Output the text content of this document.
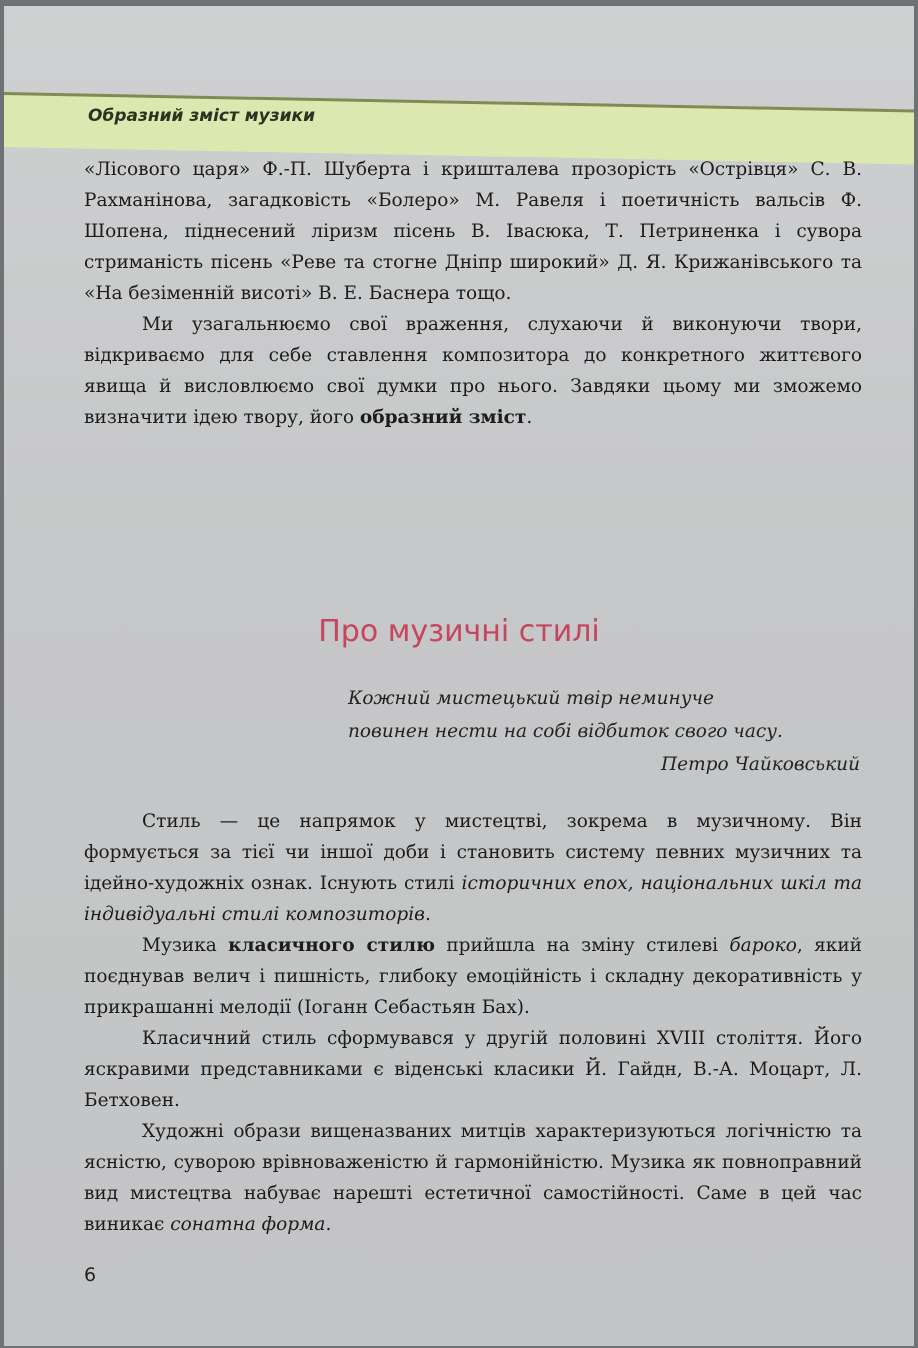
Образний зміст музики

«Лісового царя» Ф.-П. Шуберта і кришталева прозорість «Острівця» С. В. Рахманінова, загадковість «Болеро» М. Равеля і поетичність вальсів Ф. Шопена, піднесений ліризм пісень В. Івасюка, Т. Петриненка і сувора стриманість пісень «Реве та стогне Дніпр широкий» Д. Я. Крижанівського та «На безіменній висоті» В. Е. Баснера тощо.

Ми узагальнюємо свої враження, слухаючи й виконуючи твори, відкриваємо для себе ставлення композитора до конкретного життєвого явища й висловлюємо свої думки про нього. Завдяки цьому ми зможемо визначити ідею твору, його образний зміст.

Про музичні стилі
Кожний мистецький твір неминуче
повинен нести на собі відбиток свого часу.
Петро Чайковський

Стиль — це напрямок у мистецтві, зокрема в музичному. Він формується за тієї чи іншої доби і становить систему певних музичних та ідейно-художніх ознак. Існують стилі історичних епох, національних шкіл та індивідуальні стилі композиторів.

Музика класичного стилю прийшла на зміну стилеві бароко, який поєднував велич і пишність, глибоку емоційність і складну декоративність у прикрашанні мелодії (Іоганн Себастьян Бах).

Класичний стиль сформувався у другій половині XVIII століття. Його яскравими представниками є віденські класики Й. Гайдн, В.-А. Моцарт, Л. Бетховен.

Художні образи вищеназваних митців характеризуються логічністю та ясністю, суворою врівноваженістю й гармонійністю. Музика як повноправний вид мистецтва набуває нарешті естетичної самостійності. Саме в цей час виникає сонатна форма.

6
